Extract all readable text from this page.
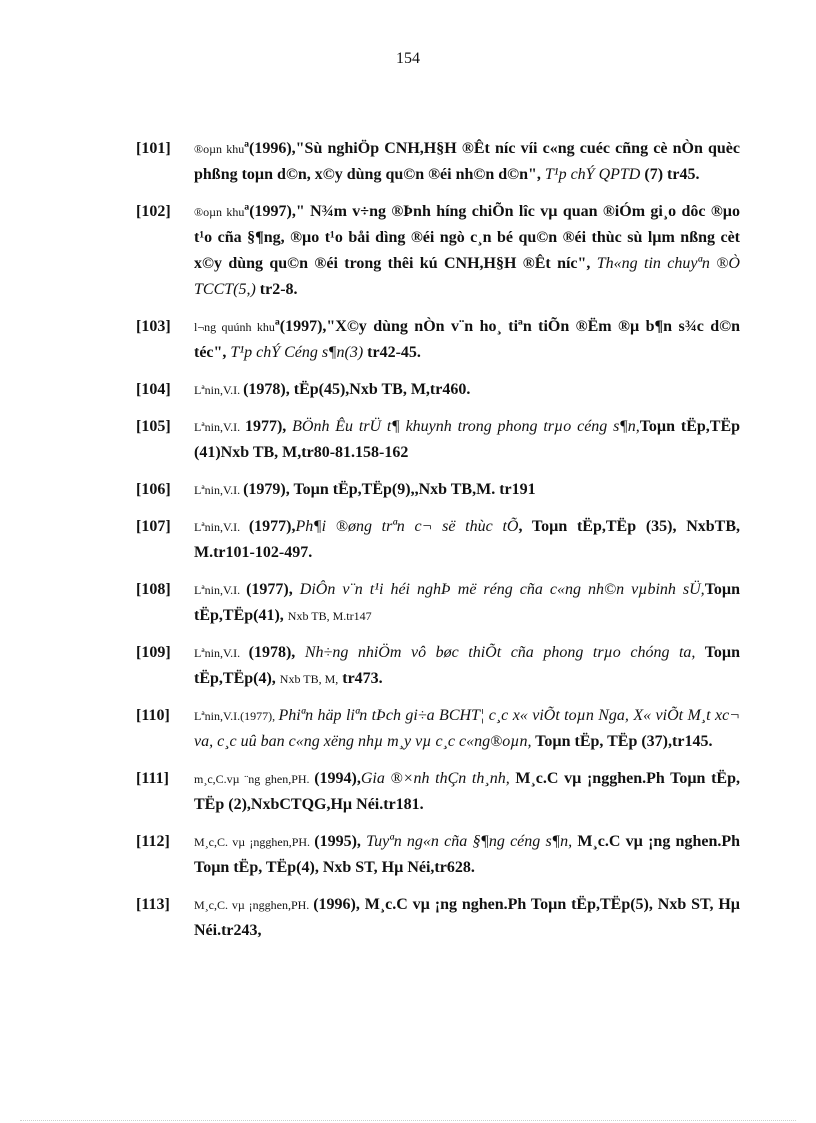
154
[101]	®oµn khuª(1996),"Sù nghiÖp CNH,H§H ®Êt níc víi c«ng cuéc cñng cè nÒn quèc phßng toµn d©n, x©y dùng qu©n ®éi nh©n d©n", T¹p chÝ QPTD (7) tr45.
[102]	®oµn khuª(1997)," N¾m v÷ng ®Þnh híng chiÕn lîc vµ quan ®iÓm gi¸o dôc ®µo t¹o cña §¶ng, ®µo t¹o båi dìng ®éi ngò c¸n bé qu©n ®éi thùc sù lµm nßng cèt x©y dùng qu©n ®éi trong thêi kú CNH,H§H ®Êt níc", Th«ng tin chuyªn ®Ò TCCT(5,) tr2-8.
[103]	l¬ng quúnh khuª(1997),"X©y dùng nÒn v¨n ho¸ tiªn tiÕn ®Ëm ®µ b¶n s¾c d©n téc", T¹p chÝ Céng s¶n(3) tr42-45.
[104]	Lªnin,V.I. (1978), tËp(45),Nxb TB, M,tr460.
[105]	Lªnin,V.I. 1977), BÖnh Êu trÜ t¶ khuynh trong phong trµo céng s¶n,Toµn tËp,TËp (41)Nxb TB, M,tr80-81.158-162
[106]	Lªnin,V.I. (1979), Toµn tËp,TËp(9),,Nxb TB,M. tr191
[107]	Lªnin,V.I. (1977),Ph¶i ®øng trªn c¬ së thùc tÕ, Toµn tËp,TËp (35), NxbTB, M.tr101-102-497.
[108]	Lªnin,V.I. (1977), DiÔn v¨n t¹i héi nghÞ më réng cña c«ng nh©n vµbinh sÜ,Toµn tËp,TËp(41), Nxb TB, M.tr147
[109]	Lªnin,V.I. (1978), Nh÷ng nhiÖm vô bøc thiÕt cña phong trµo chóng ta, Toµn tËp,TËp(4), Nxb TB, M, tr473.
[110]	Lªnin,V.I.(1977), Phiªn häp liªn tÞch gi÷a BCHT¦ c¸c x« viÕt toµn Nga, X« viÕt M¸t xc¬ va, c¸c uû ban c«ng xëng nhµ m¸y vµ c¸c c«ng®oµn, Toµn tËp, TËp (37),tr145.
[111]	m¸c,C.vµ ¨ng ghen,PH. (1994),Gia ®×nh thÇn th¸nh, M¸c.C vµ ¡ngghen.Ph Toµn tËp, TËp (2),NxbCTQG,Hµ Néi.tr181.
[112]	M¸c,C. vµ ¡ngghen,PH. (1995), Tuyªn ng«n cña §¶ng céng s¶n, M¸c.C vµ ¡ng nghen.Ph Toµn tËp, TËp(4), Nxb ST, Hµ Néi,tr628.
[113]	M¸c,C. vµ ¡ngghen,PH. (1996), M¸c.C vµ ¡ng nghen.Ph Toµn tËp,TËp(5), Nxb ST, Hµ Néi.tr243,
